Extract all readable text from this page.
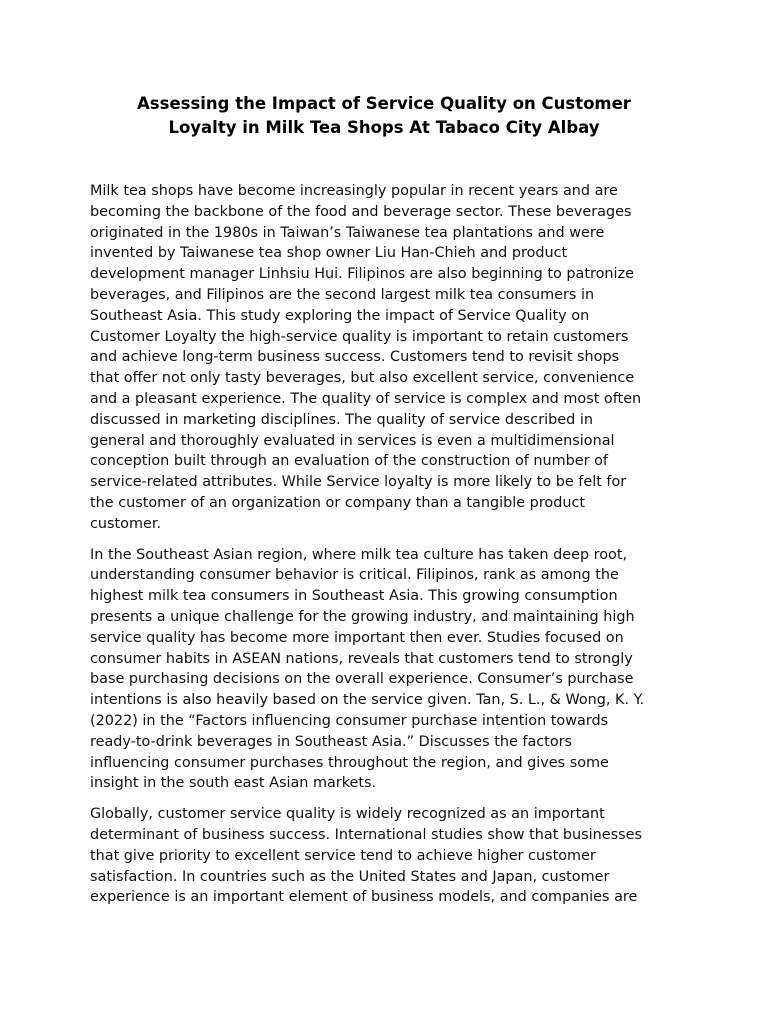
Assessing the Impact of Service Quality on Customer
Loyalty in Milk Tea Shops At Tabaco City Albay

Milk tea shops have become increasingly popular in recent years and are
becoming the backbone of the food and beverage sector. These beverages
originated in the 1980s in Taiwan’s Taiwanese tea plantations and were
invented by Taiwanese tea shop owner Liu Han-Chieh and product
development manager Linhsiu Hui. Filipinos are also beginning to patronize
beverages, and Filipinos are the second largest milk tea consumers in
Southeast Asia. This study exploring the impact of Service Quality on
Customer Loyalty the high-service quality is important to retain customers
and achieve long-term business success. Customers tend to revisit shops
that offer not only tasty beverages, but also excellent service, convenience
and a pleasant experience. The quality of service is complex and most often
discussed in marketing disciplines. The quality of service described in
general and thoroughly evaluated in services is even a multidimensional
conception built through an evaluation of the construction of number of
service-related attributes. While Service loyalty is more likely to be felt for
the customer of an organization or company than a tangible product
customer.

In the Southeast Asian region, where milk tea culture has taken deep root,
understanding consumer behavior is critical. Filipinos, rank as among the
highest milk tea consumers in Southeast Asia. This growing consumption
presents a unique challenge for the growing industry, and maintaining high
service quality has become more important then ever. Studies focused on
consumer habits in ASEAN nations, reveals that customers tend to strongly
base purchasing decisions on the overall experience. Consumer’s purchase
intentions is also heavily based on the service given. Tan, S. L., & Wong, K. Y.
(2022) in the “Factors influencing consumer purchase intention towards
ready-to-drink beverages in Southeast Asia.” Discusses the factors
influencing consumer purchases throughout the region, and gives some
insight in the south east Asian markets.

Globally, customer service quality is widely recognized as an important
determinant of business success. International studies show that businesses
that give priority to excellent service tend to achieve higher customer
satisfaction. In countries such as the United States and Japan, customer
experience is an important element of business models, and companies are
